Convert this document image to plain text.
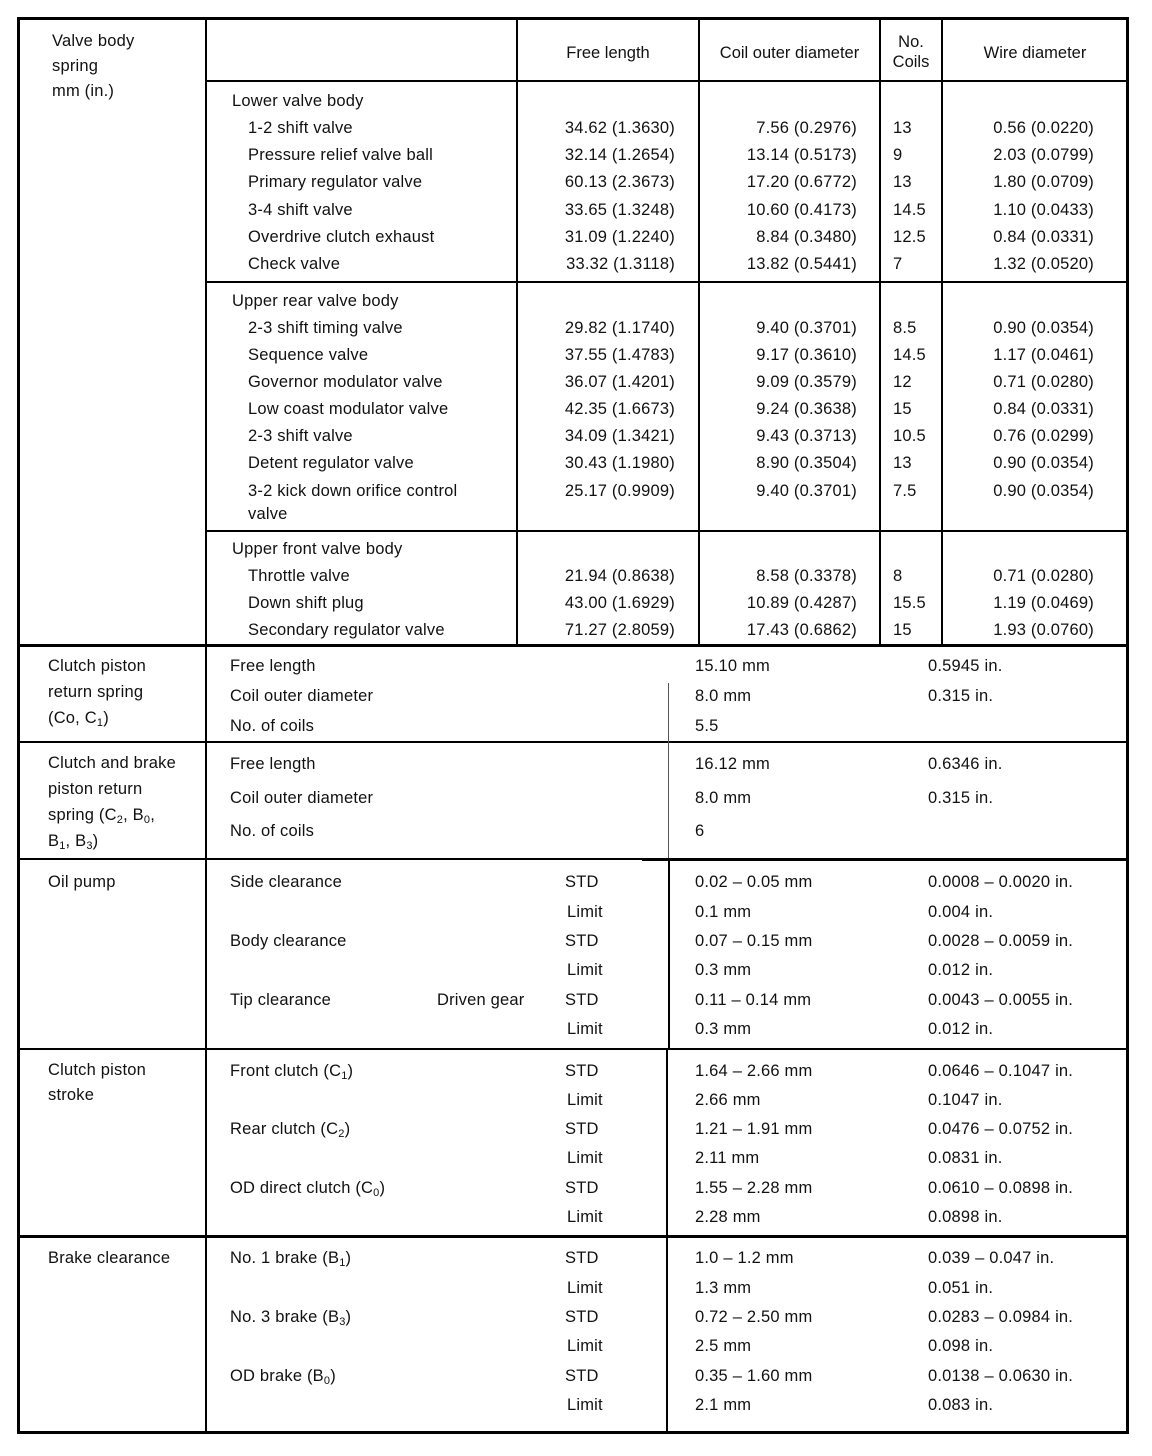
Valve body
spring
mm (in.)
Free length	Coil outer diameter
No.
Coils	Wire diameter
Lower valve body
1-2 shift valve	34.62 (1.3630)	7.56 (0.2976) 13	0.56 (0.0220)
Pressure relief valve ball	32.14 (1.2654)	13.14 (0.5173) 9	2.03 (0.0799)
Primary regulator valve	60.13 (2.3673)	17.20 (0.6772) 13	1.80 (0.0709)
3-4 shift valve	33.65 (1.3248)	10.60 (0.4173) 14.5	1.10 (0.0433)
Overdrive clutch exhaust	31.09 (1.2240)	8.84 (0.3480) 12.5	0.84 (0.0331)
Check valve	33.32 (1.3118)	13.82 (0.5441) 7	1.32 (0.0520)
Upper rear valve body
2-3 shift timing valve	29.82 (1.1740)	9.40 (0.3701) 8.5	0.90 (0.0354)
Sequence valve	37.55 (1.4783)	9.17 (0.3610) 14.5	1.17 (0.0461)
Governor modulator valve	36.07 (1.4201)	9.09 (0.3579) 12	0.71 (0.0280)
Low coast modulator valve	42.35 (1.6673)	9.24 (0.3638) 15	0.84 (0.0331)
2-3 shift valve	34.09 (1.3421)	9.43 (0.3713) 10.5	0.76 (0.0299)
Detent regulator valve	30.43 (1.1980)	8.90 (0.3504) 13	0.90 (0.0354)
3-2 kick down orifice control
valve
25.17 (0.9909)	9.40 (0.3701) 7.5	0.90 (0.0354)
Upper front valve body
Throttle valve	21.94 (0.8638)	8.58 (0.3378) 8	0.71 (0.0280)
Down shift plug	43.00 (1.6929)	10.89 (0.4287) 15.5	1.19 (0.0469)
Secondary regulator valve	71.27 (2.8059)	17.43 (0.6862) 15	1.93 (0.0760)
Clutch piston
return spring
(Co, $C_1$)
Free length	15.10 mm	0.5945 in.
Coil outer diameter	8.0 mm	0.315 in.
No. of coils	5.5
Clutch and brake
piston return
spring ($C_2$, $B_0$,
$B_1$, $B_3$)
Free length	16.12 mm	0.6346 in.
Coil outer diameter	8.0 mm	0.315 in.
No. of coils	6
Oil pump	Side clearance	STD	0.02 – 0.05 mm	0.0008 – 0.0020 in.
Limit	0.1 mm	0.004 in.
Body clearance	STD	0.07 – 0.15 mm	0.0028 – 0.0059 in.
Limit	0.3 mm	0.012 in.
Tip clearance	Driven gear STD	0.11 – 0.14 mm	0.0043 – 0.0055 in.
Limit	0.3 mm	0.012 in.
Clutch piston
stroke
Front clutch $(C_1)$	STD	1.64 – 2.66 mm	0.0646 – 0.1047 in.
Limit	2.66 mm	0.1047 in.
Rear clutch $(C_2)$	STD	1.21 – 1.91 mm	0.0476 – 0.0752 in.
Limit	2.11 mm	0.0831 in.
OD direct clutch $(C_0)$	STD	1.55 – 2.28 mm	0.0610 – 0.0898 in.
Limit	2.28 mm	0.0898 in.
Brake clearance	No. 1 brake $(B_1)$	STD	1.0 – 1.2 mm	0.039 – 0.047 in.
Limit	1.3 mm	0.051 in.
No. 3 brake $(B_3)$	STD	0.72 – 2.50 mm	0.0283 – 0.0984 in.
Limit	2.5 mm	0.098 in.
OD brake $(B_0)$	STD	0.35 – 1.60 mm	0.0138 – 0.0630 in.
Limit	2.1 mm	0.083 in.
